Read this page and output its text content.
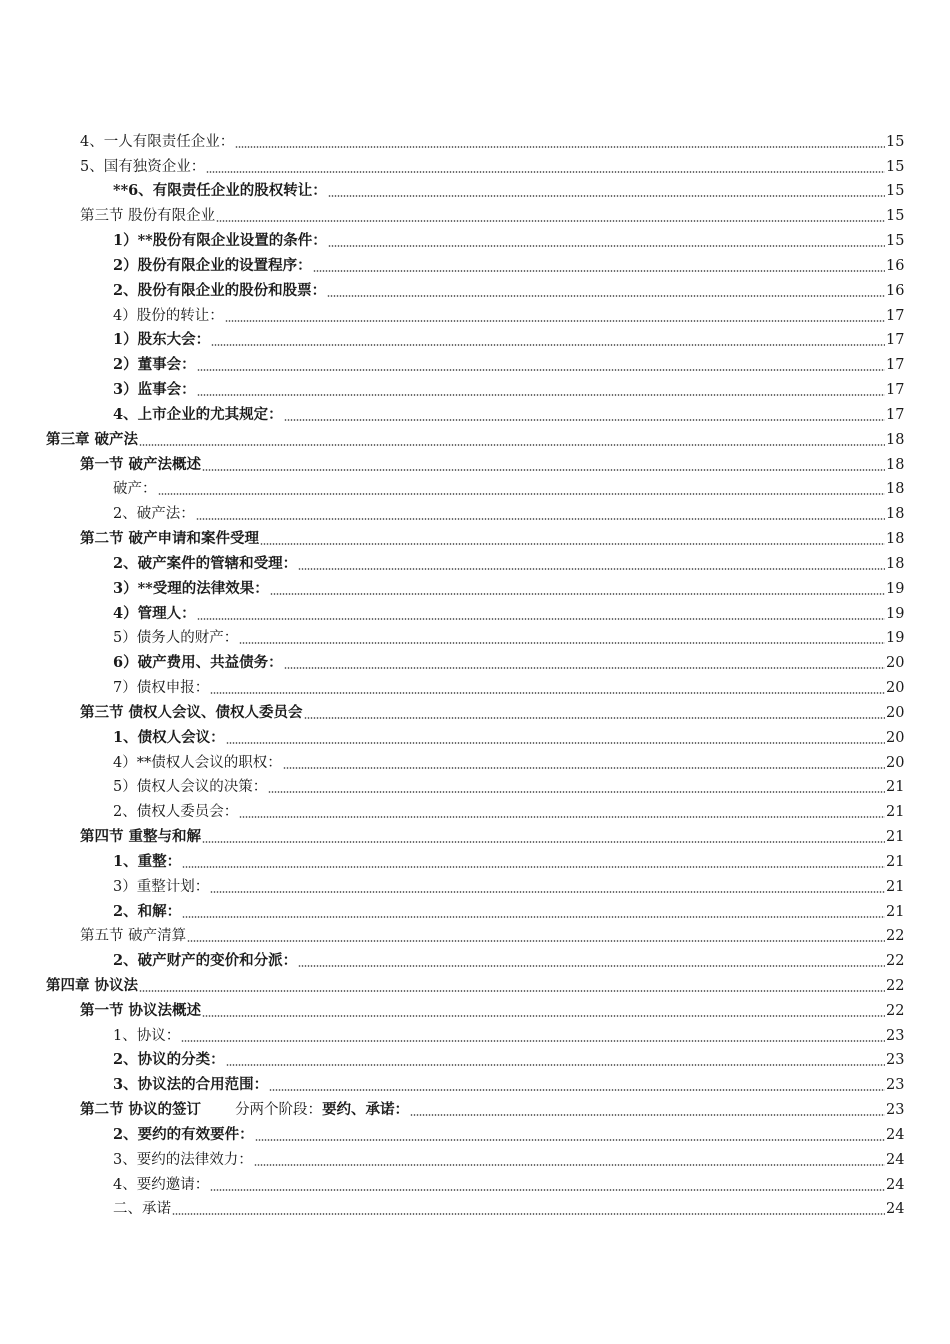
4、一人有限责任企业：	15
5、国有独资企业：	15
**6、有限责任企业的股权转让：	15
第三节 股份有限企业	15
1）**股份有限企业设置的条件：	15
2）股份有限企业的设置程序：	16
2、股份有限企业的股份和股票：	16
4）股份的转让：	17
1）股东大会：	17
2）董事会：	17
3）监事会：	17
4、上市企业的尤其规定：	17
第三章 破产法	18
第一节 破产法概述	18
破产：	18
2、破产法：	18
第二节 破产申请和案件受理	18
2、破产案件的管辖和受理：	18
3）**受理的法律效果：	19
4）管理人：	19
5）债务人的财产：	19
6）破产费用、共益债务：	20
7）债权申报：	20
第三节 债权人会议、债权人委员会	20
1、债权人会议：	20
4）**债权人会议的职权：	20
5）债权人会议的决策：	21
2、债权人委员会：	21
第四节 重整与和解	21
1、重整：	21
3）重整计划：	21
2、和解：	21
第五节 破产清算	22
2、破产财产的变价和分派：	22
第四章 协议法	22
第一节 协议法概述	22
1、协议：	23
2、协议的分类：	23
3、协议法的合用范围：	23
第二节 协议的签订 分两个阶段：要约、承诺：	23
2、要约的有效要件：	24
3、要约的法律效力：	24
4、要约邀请：	24
二、承诺	24
